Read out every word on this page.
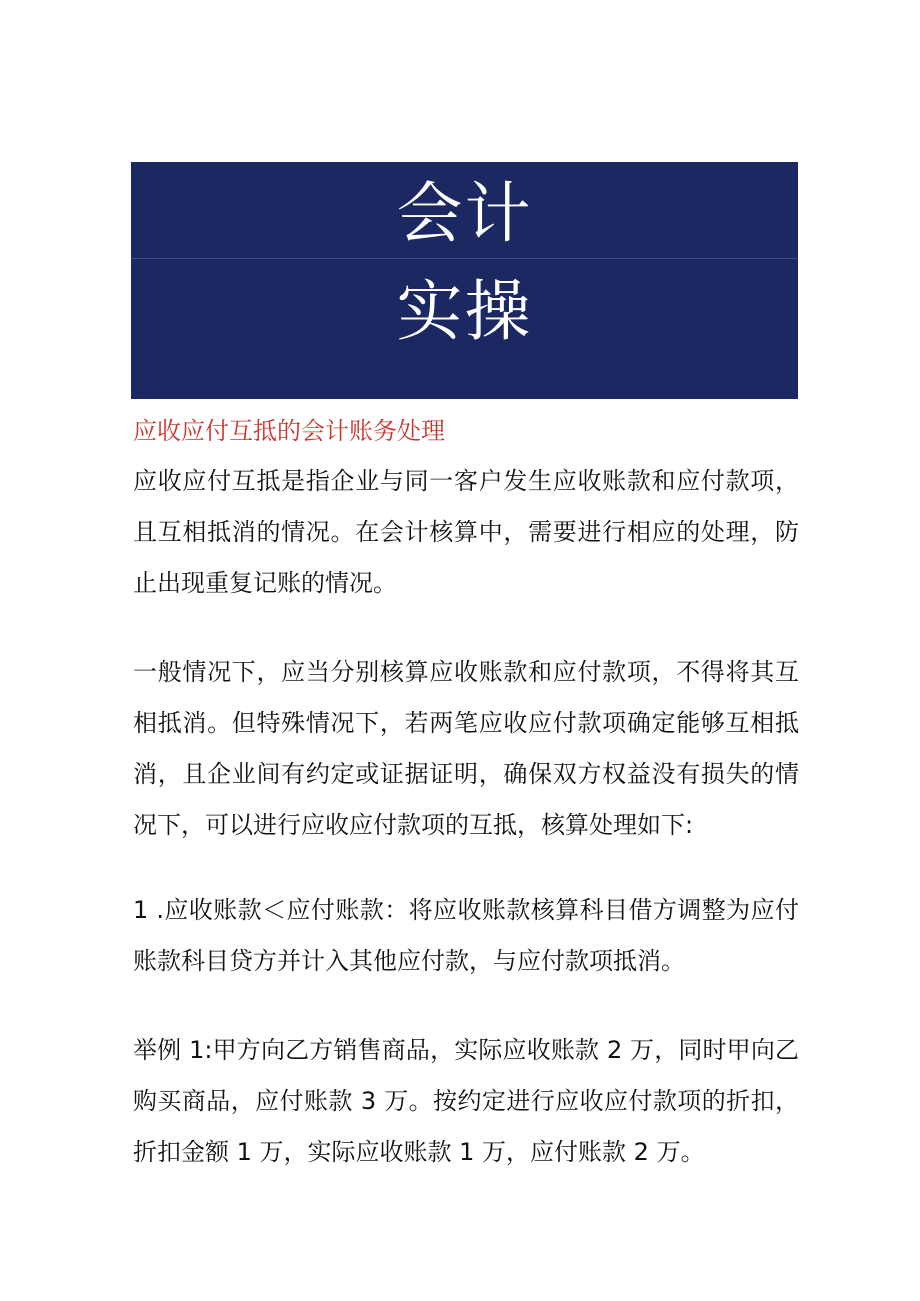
会计
实操
应收应付互抵的会计账务处理
应收应付互抵是指企业与同一客户发生应收账款和应付款项，且互相抵消的情况。在会计核算中，需要进行相应的处理，防止出现重复记账的情况。
一般情况下，应当分别核算应收账款和应付款项，不得将其互相抵消。但特殊情况下，若两笔应收应付款项确定能够互相抵消，且企业间有约定或证据证明，确保双方权益没有损失的情况下，可以进行应收应付款项的互抵，核算处理如下:
1 .应收账款＜应付账款：将应收账款核算科目借方调整为应付账款科目贷方并计入其他应付款，与应付款项抵消。
举例 1:甲方向乙方销售商品，实际应收账款 2 万，同时甲向乙购买商品，应付账款 3 万。按约定进行应收应付款项的折扣，折扣金额 1 万，实际应收账款 1 万，应付账款 2 万。
